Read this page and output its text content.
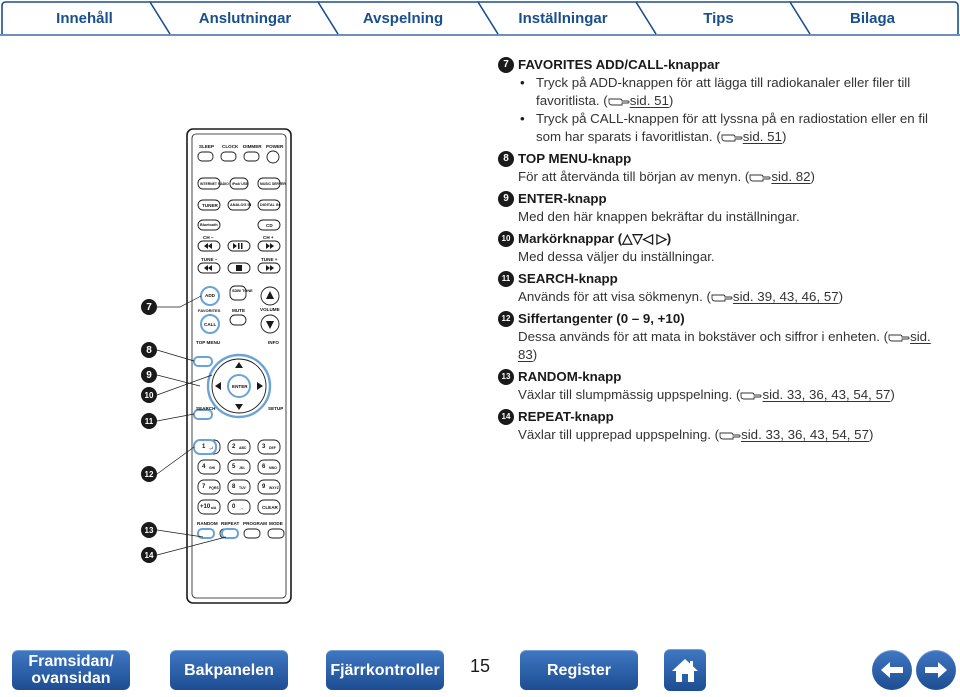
Innehåll	Anslutningar	Avspelning	Inställningar	Tips	Bilaga
SLEEP CLOCK DIMMER POWER
INTERNET RADIO iPod/ USB	MUSIC SERVER
TUNER	ANALOG IN DIGITAL IN
Bluetooth	CD
CH −	CH +
TUNE −	TUNE +
ADD
FAVORITES
CALL
SDB/ TONE
MUTE	VOLUME
TOP MENU	INFO
ENTER
SEARCH	SETUP
1 .,-/	2 ABC	3 DEF
4 GHI	5 JKL	6 MNO
7 PQRS 8 TUV	9 WXYZ
+10 a/A	0 _.,	CLEAR
RANDOM REPEAT PROGRAM MODE
7
8
9
10
11
12
13
14
7 FAVORITES ADD/CALL-knappar
• Tryck på ADD-knappen för att lägga till radiokanaler eller filer till favoritlista. ( sid. 51)
• Tryck på CALL-knappen för att lyssna på en radiostation eller en fil som har sparats i favoritlistan. ( sid. 51)
8 TOP MENU-knapp

För att återvända till början av menyn. ( sid. 82)

9 ENTER-knapp

Med den här knappen bekräftar du inställningar.

10 Markörknappar (△▽◁ ▷)

Med dessa väljer du inställningar.

11 SEARCH-knapp

Används för att visa sökmenyn. ( sid. 39, 43, 46, 57)

12 Siffertangenter (0 – 9, +10)

Dessa används för att mata in bokstäver och siffror i enheten. ( sid. 83)

13 RANDOM-knapp

Växlar till slumpmässig uppspelning. ( sid. 33, 36, 43, 54, 57)

14 REPEAT-knapp

Växlar till upprepad uppspelning. ( sid. 33, 36, 43, 54, 57)

Framsidan/ ovansidan	Bakpanelen	Fjärrkontroller 15	Register
